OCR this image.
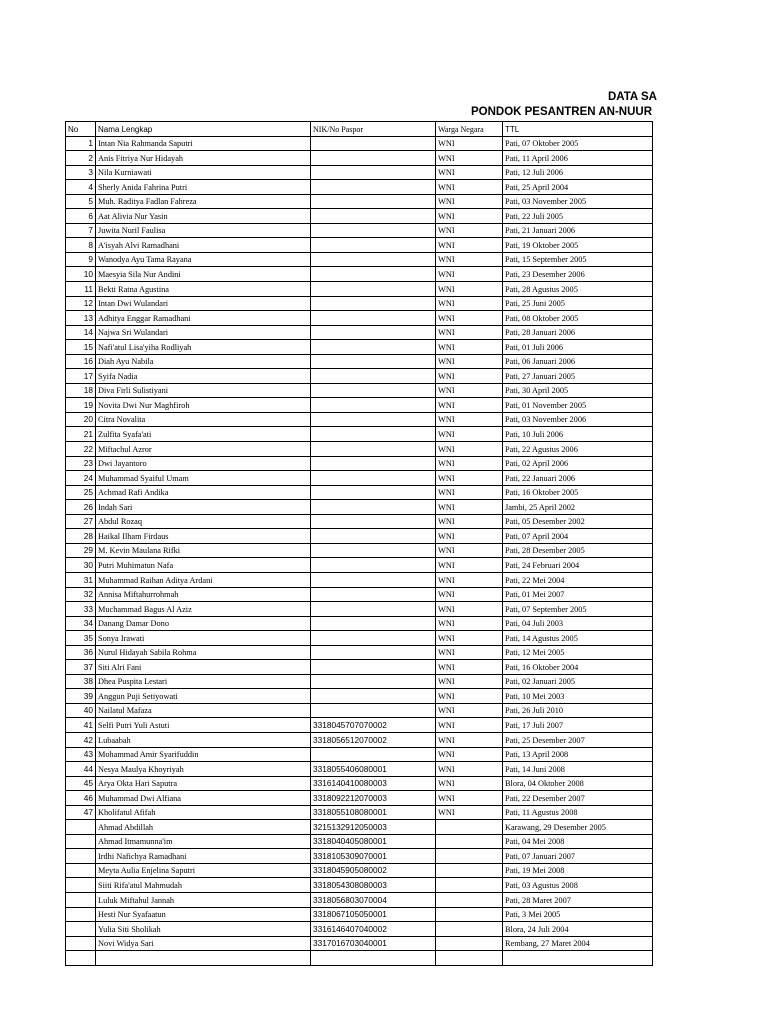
DATA SA
PONDOK PESANTREN AN-NUUR
No	Nama Lengkap	NIK/No Paspor	Warga Negara	TTL
1	Intan Nia Rahmanda Saputri		WNI	Pati, 07 Oktober 2005
2	Anis Fitriya Nur Hidayah		WNI	Pati, 11 April 2006
3	Nila Kurniawati		WNI	Pati, 12 Juli 2006
4	Sherly Anida Fahrina Putri		WNI	Pati, 25 April 2004
5	Muh. Raditya Fadlan Fahreza		WNI	Pati, 03 November 2005
6	Aat Alivia Nur Yasin		WNI	Pati, 22 Juli 2005
7	Juwita Nuril Faulisa		WNI	Pati, 21 Januari 2006
8	A'isyah Alvi Ramadhani		WNI	Pati, 19 Oktober 2005
9	Wanodya Ayu Tama Rayana		WNI	Pati, 15 September 2005
10	Maesyia Sila Nur Andini		WNI	Pati, 23 Desember 2006
11	Bekti Ratna Agustina		WNI	Pati, 28 Agustus 2005
12	Intan Dwi Wulandari		WNI	Pati, 25 Juni 2005
13	Adhitya Enggar Ramadhani		WNI	Pati, 08 Oktober 2005
14	Najwa Sri Wulandari		WNI	Pati, 28 Januari 2006
15	Nafi'atul Lisa'yiha Rodliyah		WNI	Pati, 01 Juli 2006
16	Diah Ayu Nabila		WNI	Pati, 06 Januari 2006
17	Syifa Nadia		WNI	Pati, 27 Januari 2005
18	Diva Firli Sulistiyani		WNI	Pati, 30 April 2005
19	Novita Dwi Nur Maghfiroh		WNI	Pati, 01 November 2005
20	Citra Novalita		WNI	Pati, 03 November 2006
21	Zulfita Syafa'ati		WNI	Pati, 10 Juli 2006
22	Miftachul Azror		WNI	Pati, 22 Agustus 2006
23	Dwi Jayantoro		WNI	Pati, 02 April 2006
24	Muhammad Syaiful Umam		WNI	Pati, 22 Januari 2006
25	Achmad Rafi Andika		WNI	Pati, 16 Oktober 2005
26	Indah Sari		WNI	Jambi, 25 April 2002
27	Abdul Rozaq		WNI	Pati, 05 Desember 2002
28	Haikal Ilham Firdaus		WNI	Pati, 07 April 2004
29	M. Kevin Maulana Rifki		WNI	Pati, 28 Desember 2005
30	Putri Muhimatun Nafa		WNI	Pati, 24 Februari 2004
31	Muhammad Raihan Aditya Ardani		WNI	Pati, 22 Mei 2004
32	Annisa Miftahurrohmah		WNI	Pati, 01 Mei 2007
33	Muchammad Bagus Al Aziz		WNI	Pati, 07 September 2005
34	Danang Damar Dono		WNI	Pati, 04 Juli 2003
35	Sonya Irawati		WNI	Pati, 14 Agustus 2005
36	Nurul Hidayah Sabila Rohma		WNI	Pati, 12 Mei 2005
37	Siti Alri Fani		WNI	Pati, 16 Oktober 2004
38	Dhea Puspita Lestari		WNI	Pati, 02 Januari 2005
39	Anggun Puji Setiyowati		WNI	Pati, 10 Mei 2003
40	Nailatul Mafaza		WNI	Pati, 26 Juli 2010
41	Selfi Putri Yuli Astuti	3318045707070002	WNI	Pati, 17 Juli 2007
42	Lubaabah	3318056512070002	WNI	Pati, 25 Desember 2007
43	Mohammad Amir Syarifuddin		WNI	Pati, 13 April 2008
44	Nesya Maulya Khoyriyah	3318055406080001	WNI	Pati, 14 Juni 2008
45	Arya Okta Hari Saputra	3316140410080003	WNI	Blora, 04 Oktober 2008
46	Muhammad Dwi Alfiana	3318092212070003	WNI	Pati, 22 Desember 2007
47	Kholifatul Afifah	3318055108080001	WNI	Pati, 11 Agustus 2008
	Ahmad Abdillah	3215132912050003		Karawang, 29 Desember 2005
	Ahmad Itmamunna'im	3318040405080001		Pati, 04 Mei 2008
	Irdhi Nafichya Ramadhani	3318105309070001		Pati, 07 Januari 2007
	Meyta Aulia Enjelina Saputri	3318045905080002		Pati, 19 Mei 2008
	Siiti Rifa'atul Mahmudah	3318054308080003		Pati, 03 Agustus 2008
	Luluk Miftahul Jannah	3318056803070004		Pati, 28 Maret 2007
	Hesti Nur Syafaatun	3318067105050001		Pati, 3 Mei 2005
	Yulia Siti Sholikah	3316146407040002		Blora, 24 Juli 2004
	Novi Widya Sari	3317016703040001		Rembang, 27 Maret 2004
